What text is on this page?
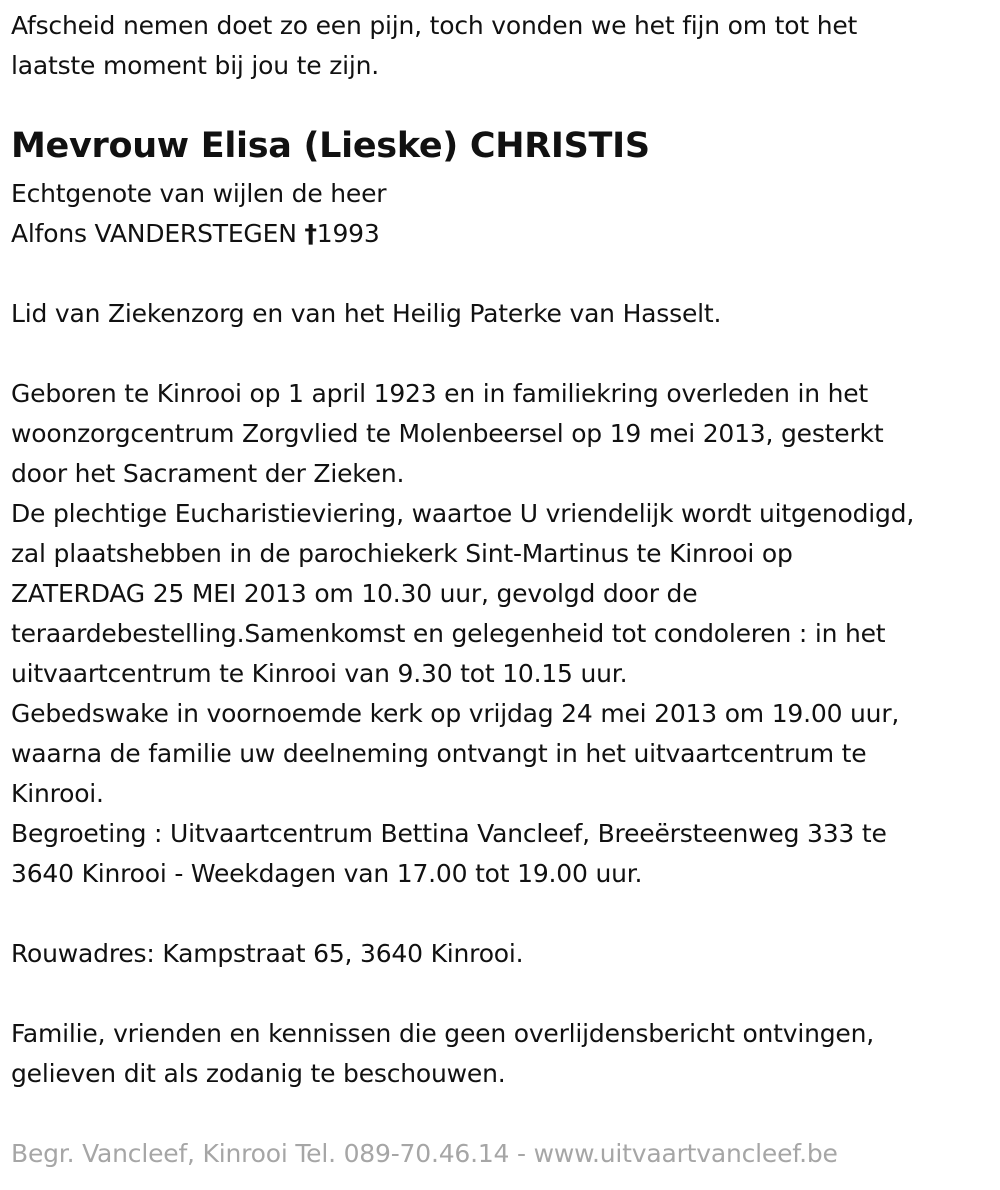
Afscheid nemen doet zo een pijn, toch vonden we het fijn om tot het
laatste moment bij jou te zijn.
Mevrouw Elisa (Lieske) CHRISTIS
Echtgenote van wijlen de heer
Alfons VANDERSTEGEN †1993
Lid van Ziekenzorg en van het Heilig Paterke van Hasselt.
Geboren te Kinrooi op 1 april 1923 en in familiekring overleden in het
woonzorgcentrum Zorgvlied te Molenbeersel op 19 mei 2013, gesterkt
door het Sacrament der Zieken.
De plechtige Eucharistieviering, waartoe U vriendelijk wordt uitgenodigd,
zal plaatshebben in de parochiekerk Sint-Martinus te Kinrooi op
ZATERDAG 25 MEI 2013 om 10.30 uur, gevolgd door de
teraardebestelling.Samenkomst en gelegenheid tot condoleren : in het
uitvaartcentrum te Kinrooi van 9.30 tot 10.15 uur.
Gebedswake in voornoemde kerk op vrijdag 24 mei 2013 om 19.00 uur,
waarna de familie uw deelneming ontvangt in het uitvaartcentrum te
Kinrooi.
Begroeting : Uitvaartcentrum Bettina Vancleef, Breeërsteenweg 333 te
3640 Kinrooi - Weekdagen van 17.00 tot 19.00 uur.
Rouwadres: Kampstraat 65, 3640 Kinrooi.
Familie, vrienden en kennissen die geen overlijdensbericht ontvingen,
gelieven dit als zodanig te beschouwen.
Begr. Vancleef, Kinrooi Tel. 089-70.46.14 - www.uitvaartvancleef.be
